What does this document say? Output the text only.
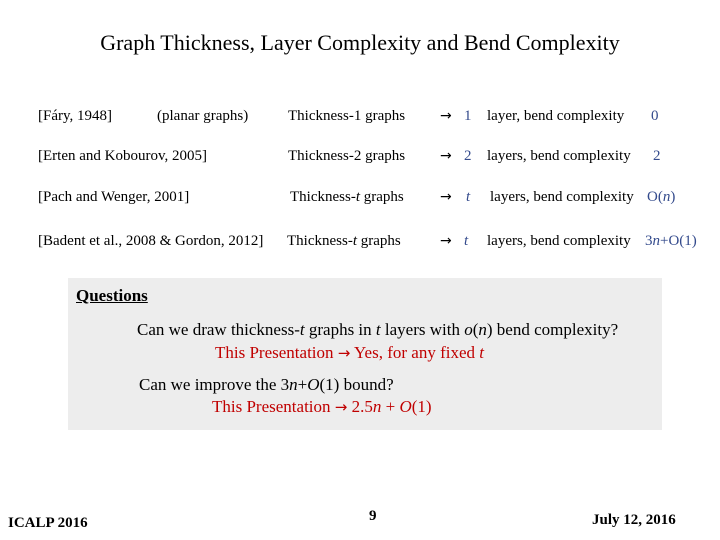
Graph Thickness, Layer Complexity and Bend Complexity
[Fáry, 1948]	(planar graphs)	Thickness-1 graphs → 1 layer, bend complexity 0
[Erten and Kobourov, 2005]	Thickness-2 graphs → 2 layers, bend complexity 2
[Pach and Wenger, 2001]	Thickness-t graphs	→ t layers, bend complexity O(n)
[Badent et al., 2008 & Gordon, 2012] Thickness-t graphs	→ t layers, bend complexity 3n+O(1)
Questions
Can we draw thickness-t graphs in t layers with o(n) bend complexity?
This Presentation → Yes, for any fixed t
Can we improve the 3n+O(1) bound?
This Presentation → 2.5n + O(1)
ICALP 2016	9	July 12, 2016
